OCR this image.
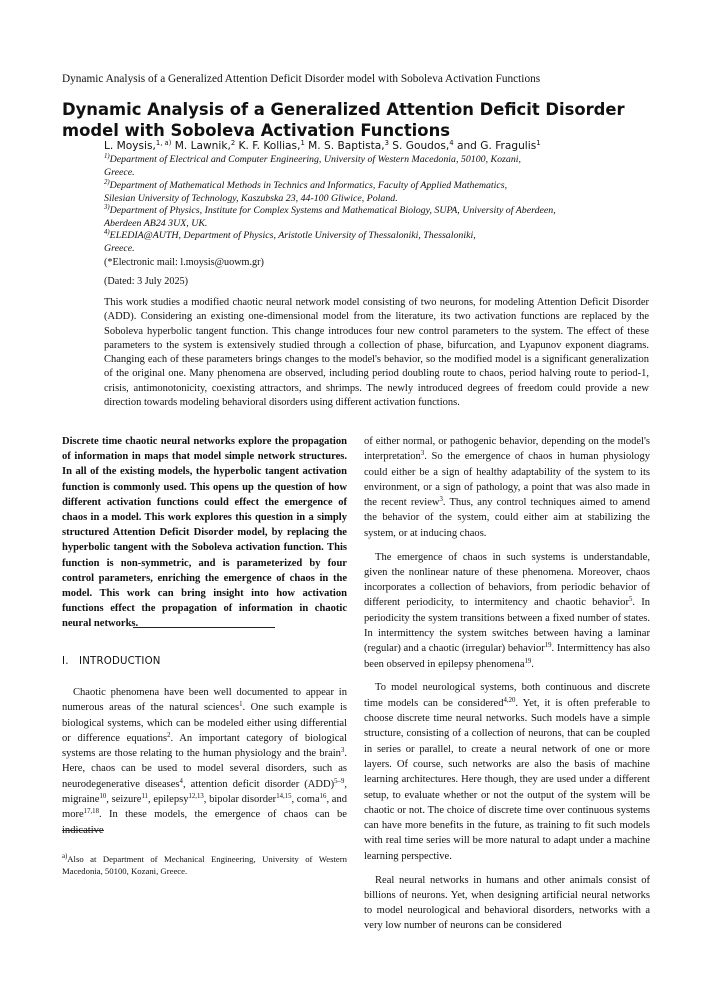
Dynamic Analysis of a Generalized Attention Deficit Disorder model with Soboleva Activation Functions
Dynamic Analysis of a Generalized Attention Deficit Disorder model with Soboleva Activation Functions
L. Moysis,$^{1, a)}$ M. Lawnik,$^2$ K. F. Kollias,$^1$ M. S. Baptista,$^3$ S. Goudos,$^4$ and G. Fragulis$^1$
$^{1)}$Department of Electrical and Computer Engineering, University of Western Macedonia, 50100, Kozani,
Greece.
$^{2)}$Department of Mathematical Methods in Technics and Informatics, Faculty of Applied Mathematics,
Silesian University of Technology, Kaszubska 23, 44-100 Gliwice, Poland.
$^{3)}$Department of Physics, Institute for Complex Systems and Mathematical Biology, SUPA, University of Aberdeen,
Aberdeen AB24 3UX, UK.
$^{4)}$ELEDIA@AUTH, Department of Physics, Aristotle University of Thessaloniki, Thessaloniki,
Greece.
(*Electronic mail: l.moysis@uowm.gr)
(Dated: 3 July 2025)

This work studies a modified chaotic neural network model consisting of two neurons, for modeling Attention Deficit Disorder (ADD). Considering an existing one-dimensional model from the literature, its two activation functions are replaced by the Soboleva hyperbolic tangent function. This change introduces four new control parameters to the system. The effect of these parameters to the system is extensively studied through a collection of phase, bifurcation, and Lyapunov exponent diagrams. Changing each of these parameters brings changes to the model's behavior, so the modified model is a significant generalization of the original one. Many phenomena are observed, including period doubling route to chaos, period halving route to period-1, crisis, antimonotonicity, coexisting attractors, and shrimps. The newly introduced degrees of freedom could provide a new direction towards modeling behavioral disorders using different activation functions.

Discrete time chaotic neural networks explore the propagation of information in maps that model simple network structures. In all of the existing models, the hyperbolic tangent activation function is commonly used. This opens up the question of how different activation functions could effect the emergence of chaos in a model. This work explores this question in a simply structured Attention Deficit Disorder model, by replacing the hyperbolic tangent with the Soboleva activation function. This function is non-symmetric, and is parameterized by four control parameters, enriching the emergence of chaos in the model. This work can bring insight into how activation functions effect the propagation of information in chaotic neural networks.

I. INTRODUCTION

Chaotic phenomena have been well documented to appear in numerous areas of the natural sciences$^1$. One such example is biological systems, which can be modeled either using differential or difference equations$^2$. An important category of biological systems are those relating to the human physiology and the brain$^3$. Here, chaos can be used to model several disorders, such as neurodegenerative diseases$^4$, attention deficit disorder (ADD)$^{5-9}$, migraine$^{10}$, seizure$^{11}$, epilepsy$^{12,13}$, bipolar disorder$^{14,15}$, coma$^{16}$, and more$^{17,18}$. In these models, the emergence of chaos can be indicative

$^{a)}$Also at Department of Mechanical Engineering, University of Western Macedonia, 50100, Kozani, Greece.

of either normal, or pathogenic behavior, depending on the model's interpretation$^3$. So the emergence of chaos in human physiology could either be a sign of healthy adaptability of the system to its environment, or a sign of pathology, a point that was also made in the recent review$^3$. Thus, any control techniques aimed to amend the behavior of the system, could either aim at stabilizing the system, or at inducing chaos.

The emergence of chaos in such systems is understandable, given the nonlinear nature of these phenomena. Moreover, chaos incorporates a collection of behaviors, from periodic behavior of different periodicity, to intermitency and chaotic behavior$^5$. In periodicity the system transitions between a fixed number of states. In intermittency the system switches between having a laminar (regular) and a chaotic (irregular) behavior$^{19}$. Intermittency has also been observed in epilepsy phenomena$^{19}$.

To model neurological systems, both continuous and discrete time models can be considered$^{4,20}$. Yet, it is often preferable to choose discrete time neural networks. Such models have a simple structure, consisting of a collection of neurons, that can be coupled in series or parallel, to create a neural network of one or more layers. Of course, such networks are also the basis of machine learning architectures. Here though, they are used under a different setup, to evaluate whether or not the output of the system will be chaotic or not. The choice of discrete time over continuous systems can have more benefits in the future, as training to fit such models with real time series will be more natural to adapt under a machine learning perspective.

Real neural networks in humans and other animals consist of billions of neurons. Yet, when designing artificial neural networks to model neurological and behavioral disorders, networks with a very low number of neurons can be considered
